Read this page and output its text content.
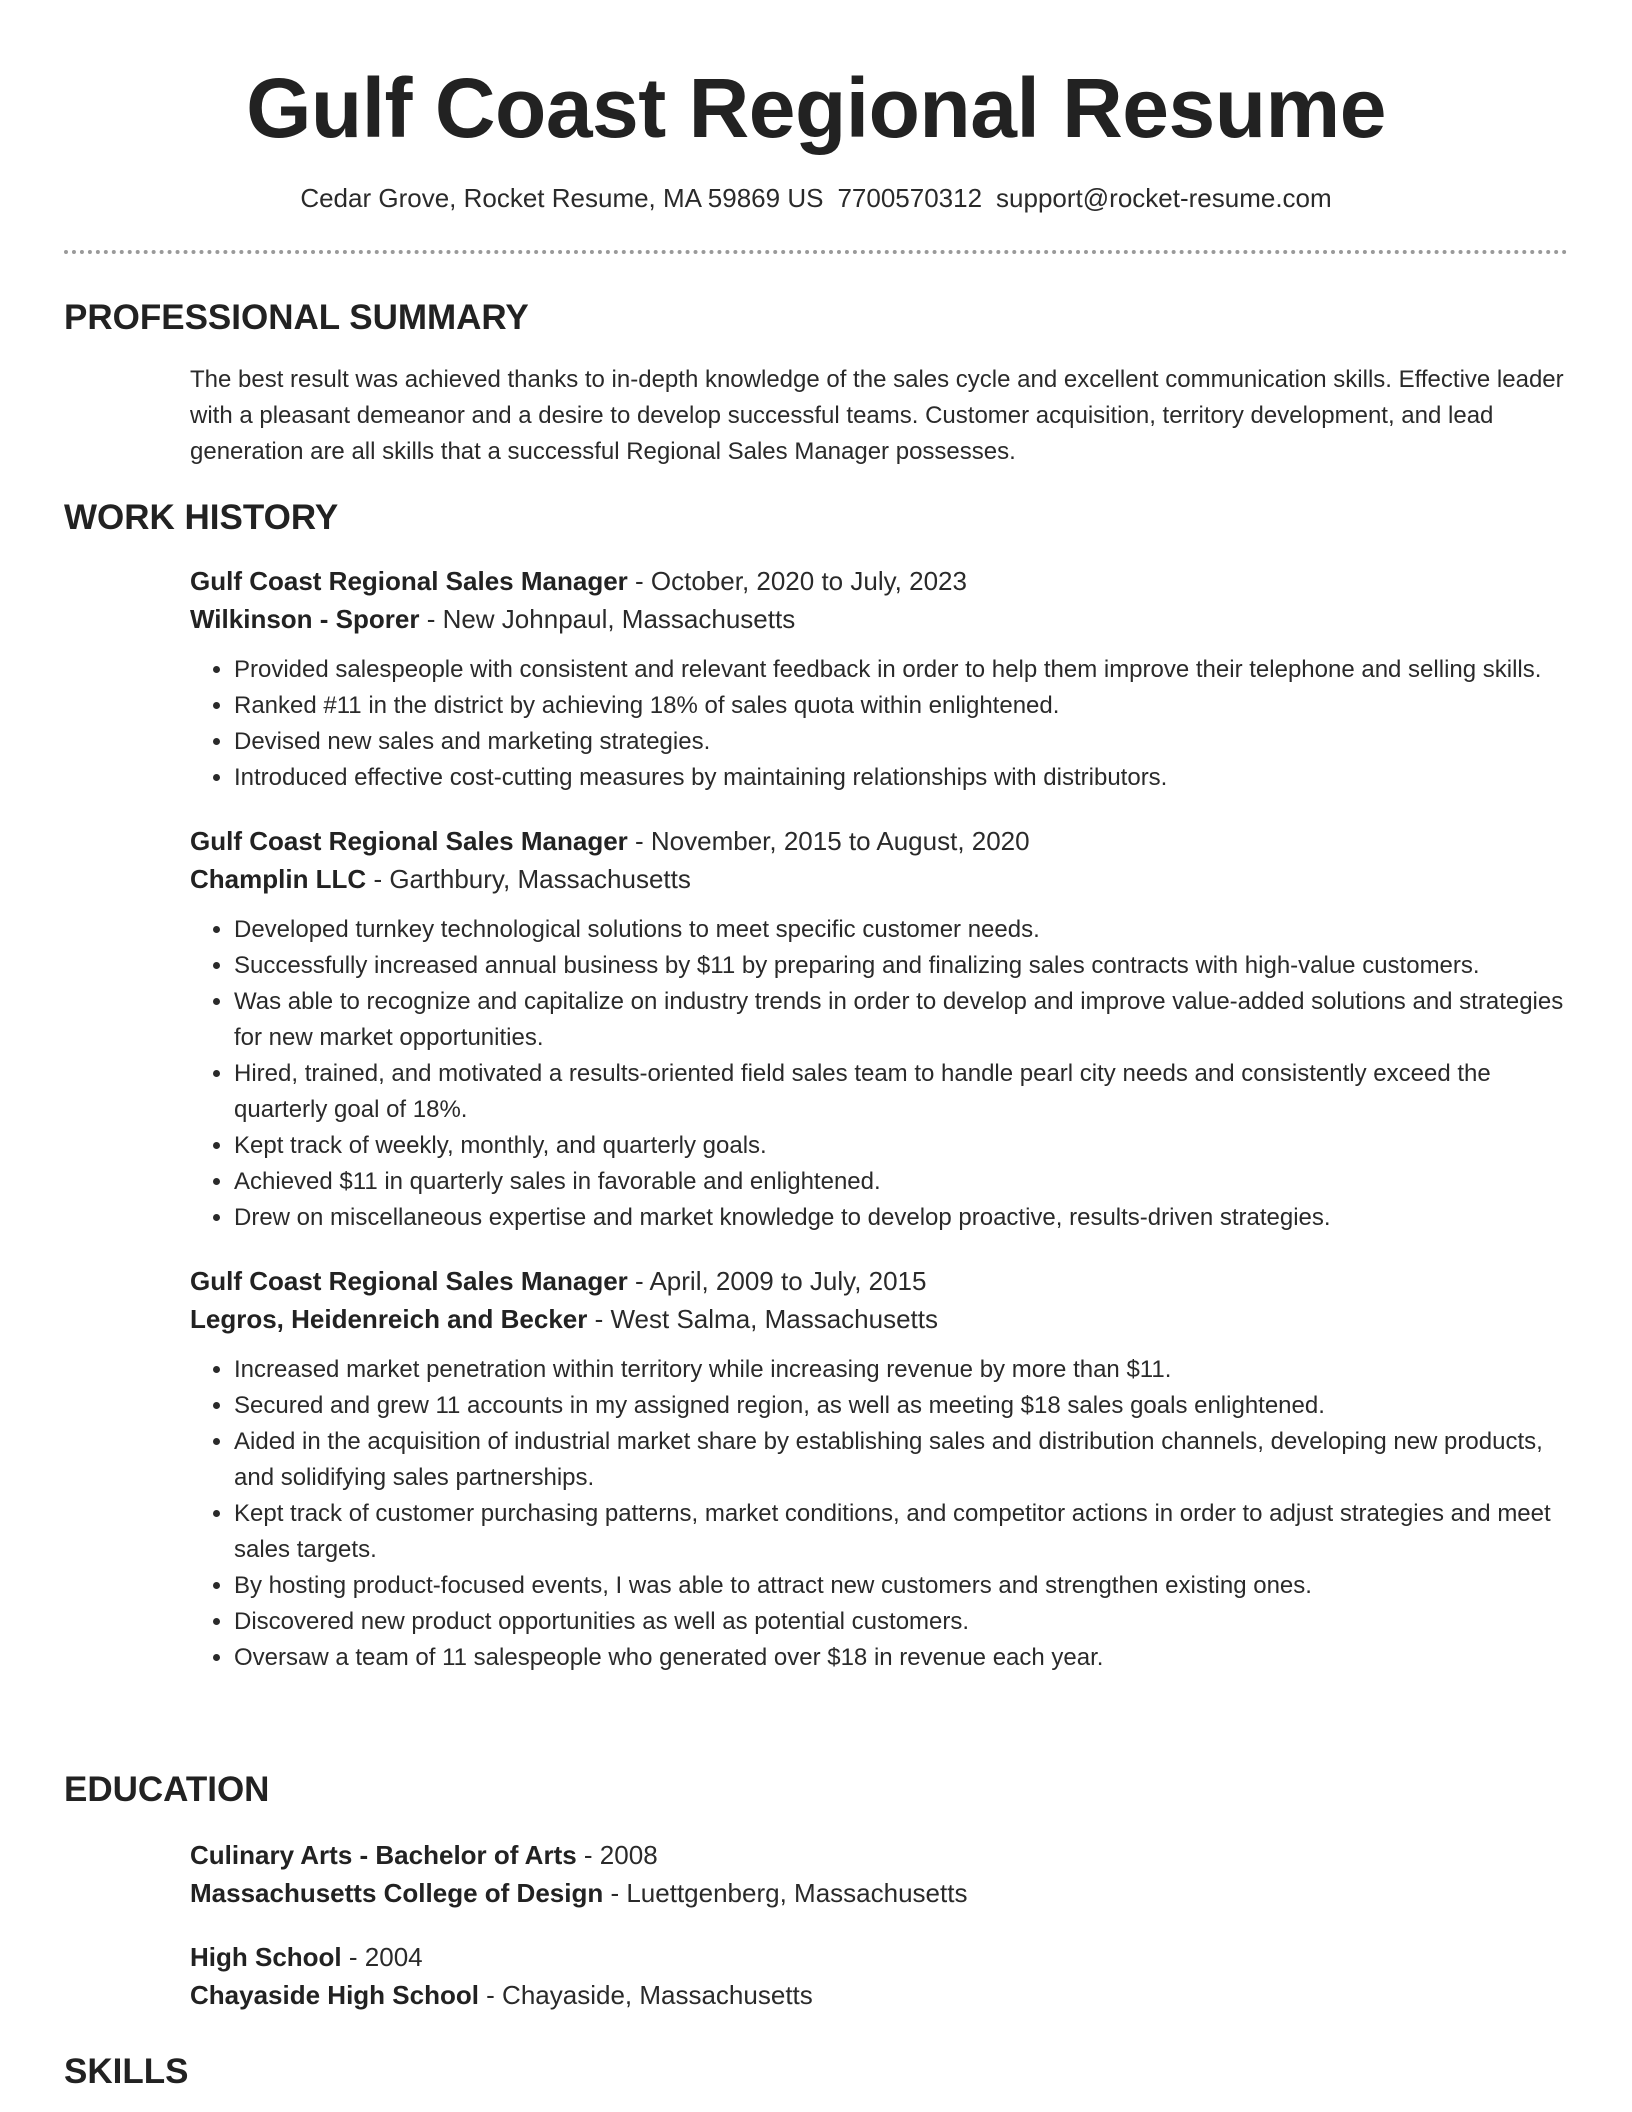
Gulf Coast Regional Resume
Cedar Grove, Rocket Resume, MA 59869 US 7700570312 support@rocket-resume.com
PROFESSIONAL SUMMARY

The best result was achieved thanks to in-depth knowledge of the sales cycle and excellent communication skills. Effective leader with a pleasant demeanor and a desire to develop successful teams. Customer acquisition, territory development, and lead generation are all skills that a successful Regional Sales Manager possesses.

WORK HISTORY

Gulf Coast Regional Sales Manager - October, 2020 to July, 2023

Wilkinson - Sporer - New Johnpaul, Massachusetts

• Provided salespeople with consistent and relevant feedback in order to help them improve their telephone and selling skills.
• Ranked #11 in the district by achieving 18% of sales quota within enlightened.
• Devised new sales and marketing strategies.
• Introduced effective cost-cutting measures by maintaining relationships with distributors.

Gulf Coast Regional Sales Manager - November, 2015 to August, 2020

Champlin LLC - Garthbury, Massachusetts

• Developed turnkey technological solutions to meet specific customer needs.
• Successfully increased annual business by $11 by preparing and finalizing sales contracts with high-value customers.
• Was able to recognize and capitalize on industry trends in order to develop and improve value-added solutions and strategies for new market opportunities.
• Hired, trained, and motivated a results-oriented field sales team to handle pearl city needs and consistently exceed the quarterly goal of 18%.
• Kept track of weekly, monthly, and quarterly goals.
• Achieved $11 in quarterly sales in favorable and enlightened.
• Drew on miscellaneous expertise and market knowledge to develop proactive, results-driven strategies.

Gulf Coast Regional Sales Manager - April, 2009 to July, 2015

Legros, Heidenreich and Becker - West Salma, Massachusetts

• Increased market penetration within territory while increasing revenue by more than $11.
• Secured and grew 11 accounts in my assigned region, as well as meeting $18 sales goals enlightened.
• Aided in the acquisition of industrial market share by establishing sales and distribution channels, developing new products, and solidifying sales partnerships.
• Kept track of customer purchasing patterns, market conditions, and competitor actions in order to adjust strategies and meet sales targets.
• By hosting product-focused events, I was able to attract new customers and strengthen existing ones.
• Discovered new product opportunities as well as potential customers.
• Oversaw a team of 11 salespeople who generated over $18 in revenue each year.
EDUCATION

Culinary Arts - Bachelor of Arts - 2008

Massachusetts College of Design - Luettgenberg, Massachusetts

High School - 2004

Chayaside High School - Chayaside, Massachusetts

SKILLS
